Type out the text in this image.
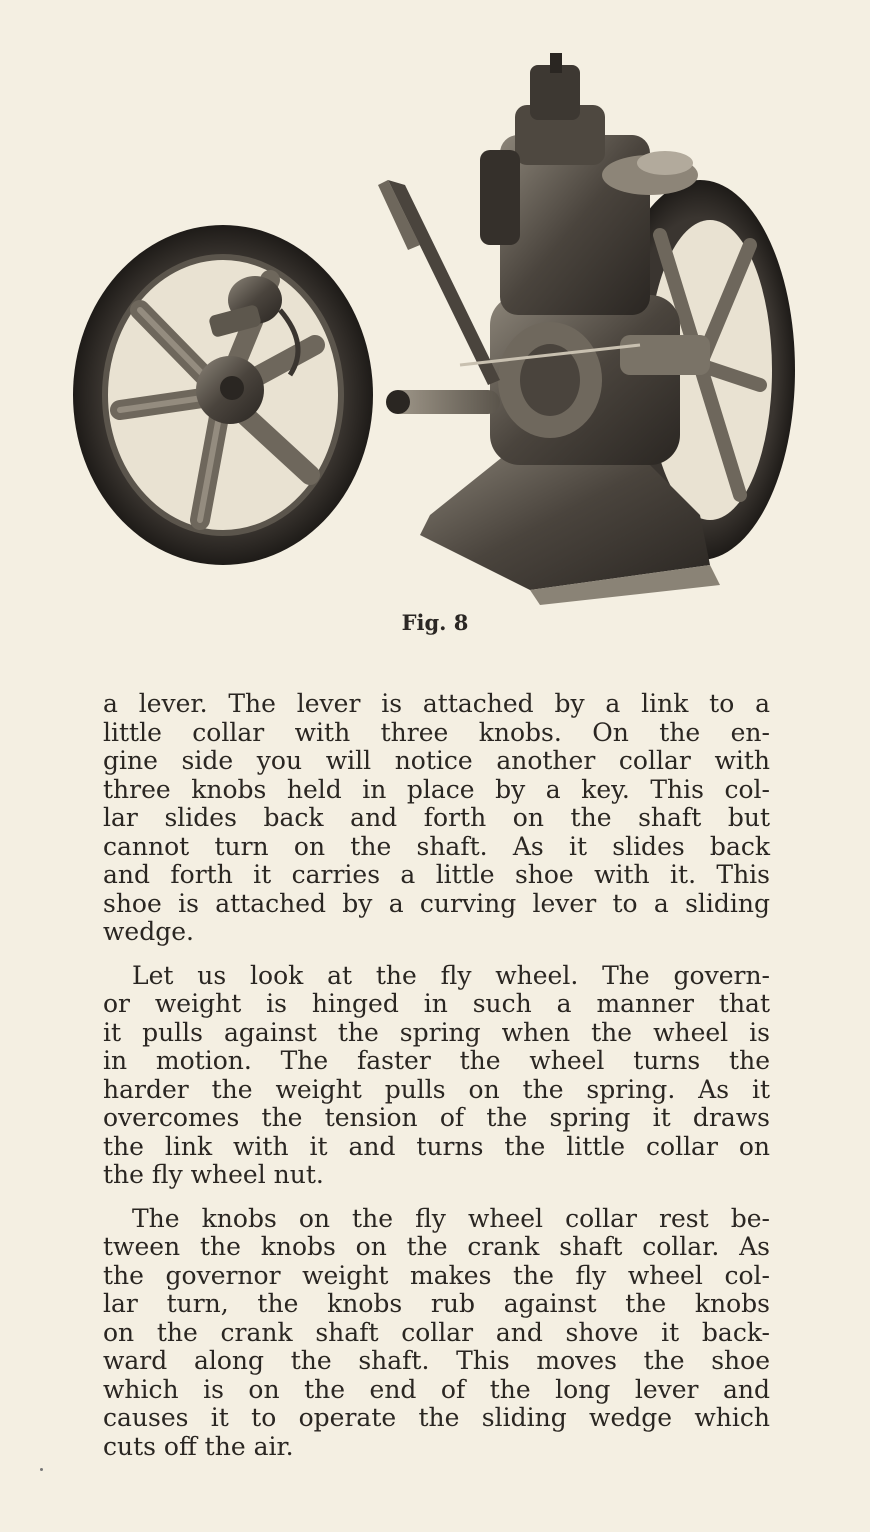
Fig. 8
a lever. The lever is attached by a link to a
little collar with three knobs. On the en-
gine side you will notice another collar with
three knobs held in place by a key. This col-
lar slides back and forth on the shaft but
cannot turn on the shaft. As it slides back
and forth it carries a little shoe with it. This
shoe is attached by a curving lever to a sliding
wedge.
Let us look at the fly wheel. The govern-
or weight is hinged in such a manner that
it pulls against the spring when the wheel is
in motion. The faster the wheel turns the
harder the weight pulls on the spring. As it
overcomes the tension of the spring it draws
the link with it and turns the little collar on
the fly wheel nut.
The knobs on the fly wheel collar rest be-
tween the knobs on the crank shaft collar. As
the governor weight makes the fly wheel col-
lar turn, the knobs rub against the knobs
on the crank shaft collar and shove it back-
ward along the shaft. This moves the shoe
which is on the end of the long lever and
causes it to operate the sliding wedge which
cuts off the air.
